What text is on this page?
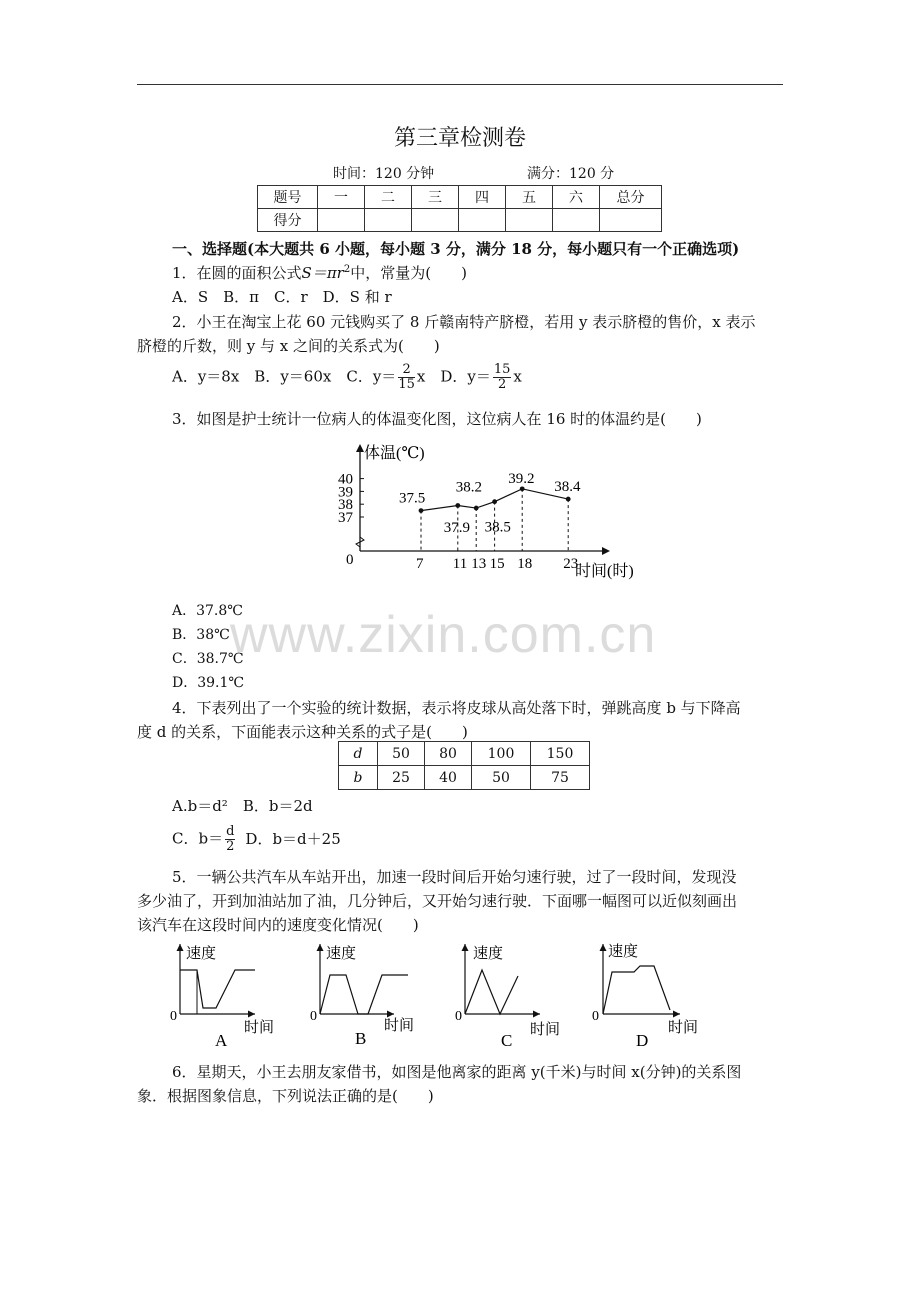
第三章检测卷
时间：120 分钟	满分：120 分
题号	一	二	三	四	五	六	总分
得分							
一、选择题(本大题共 6 小题，每小题 3 分，满分 18 分，每小题只有一个正确选项)
1．在圆的面积公式$S=\pi r^2$中，常量为(　　)
A．S　B．π　C．r　D．S 和 r
2．小王在淘宝上花 60 元钱购买了 8 斤赣南特产脐橙，若用 y 表示脐橙的售价，x 表示
脐橙的斤数，则 y 与 x 之间的关系式为(　　)
A．y＝8x　B．y＝60x　C．$y= \frac{2}{15}$ x　D．$y= \frac{15}{2}$ x
3．如图是护士统计一位病人的体温变化图，这位病人在 16 时的体温约是(　　)
体温(℃)
时间(时)
0
37
38
39
40
7 11 13 15 18 23
37.5
38.2
37.9 38.5
39.2
38.4
A．37.8℃
B．38℃
C．38.7℃
D．39.1℃
www.zixin.com.cn
4．下表列出了一个实验的统计数据，表示将皮球从高处落下时，弹跳高度 b 与下降高
度 d 的关系，下面能表示这种关系的式子是(　　)
d	50	80	100	150
b	25	40	50	75
A.b＝d²　B．b＝2d
C．$b= \frac{d}{2}$ D．b＝d＋25
5．一辆公共汽车从车站开出，加速一段时间后开始匀速行驶，过了一段时间，发现没
多少油了，开到加油站加了油，几分钟后，又开始匀速行驶．下面哪一幅图可以近似刻画出
该汽车在这段时间内的速度变化情况(　　)
速度
0
时间
A
速度
0
时间
B
速度
0
时间
C
速度
0
时间
D
6．星期天，小王去朋友家借书，如图是他离家的距离 y(千米)与时间 x(分钟)的关系图
象．根据图象信息，下列说法正确的是(　　)
